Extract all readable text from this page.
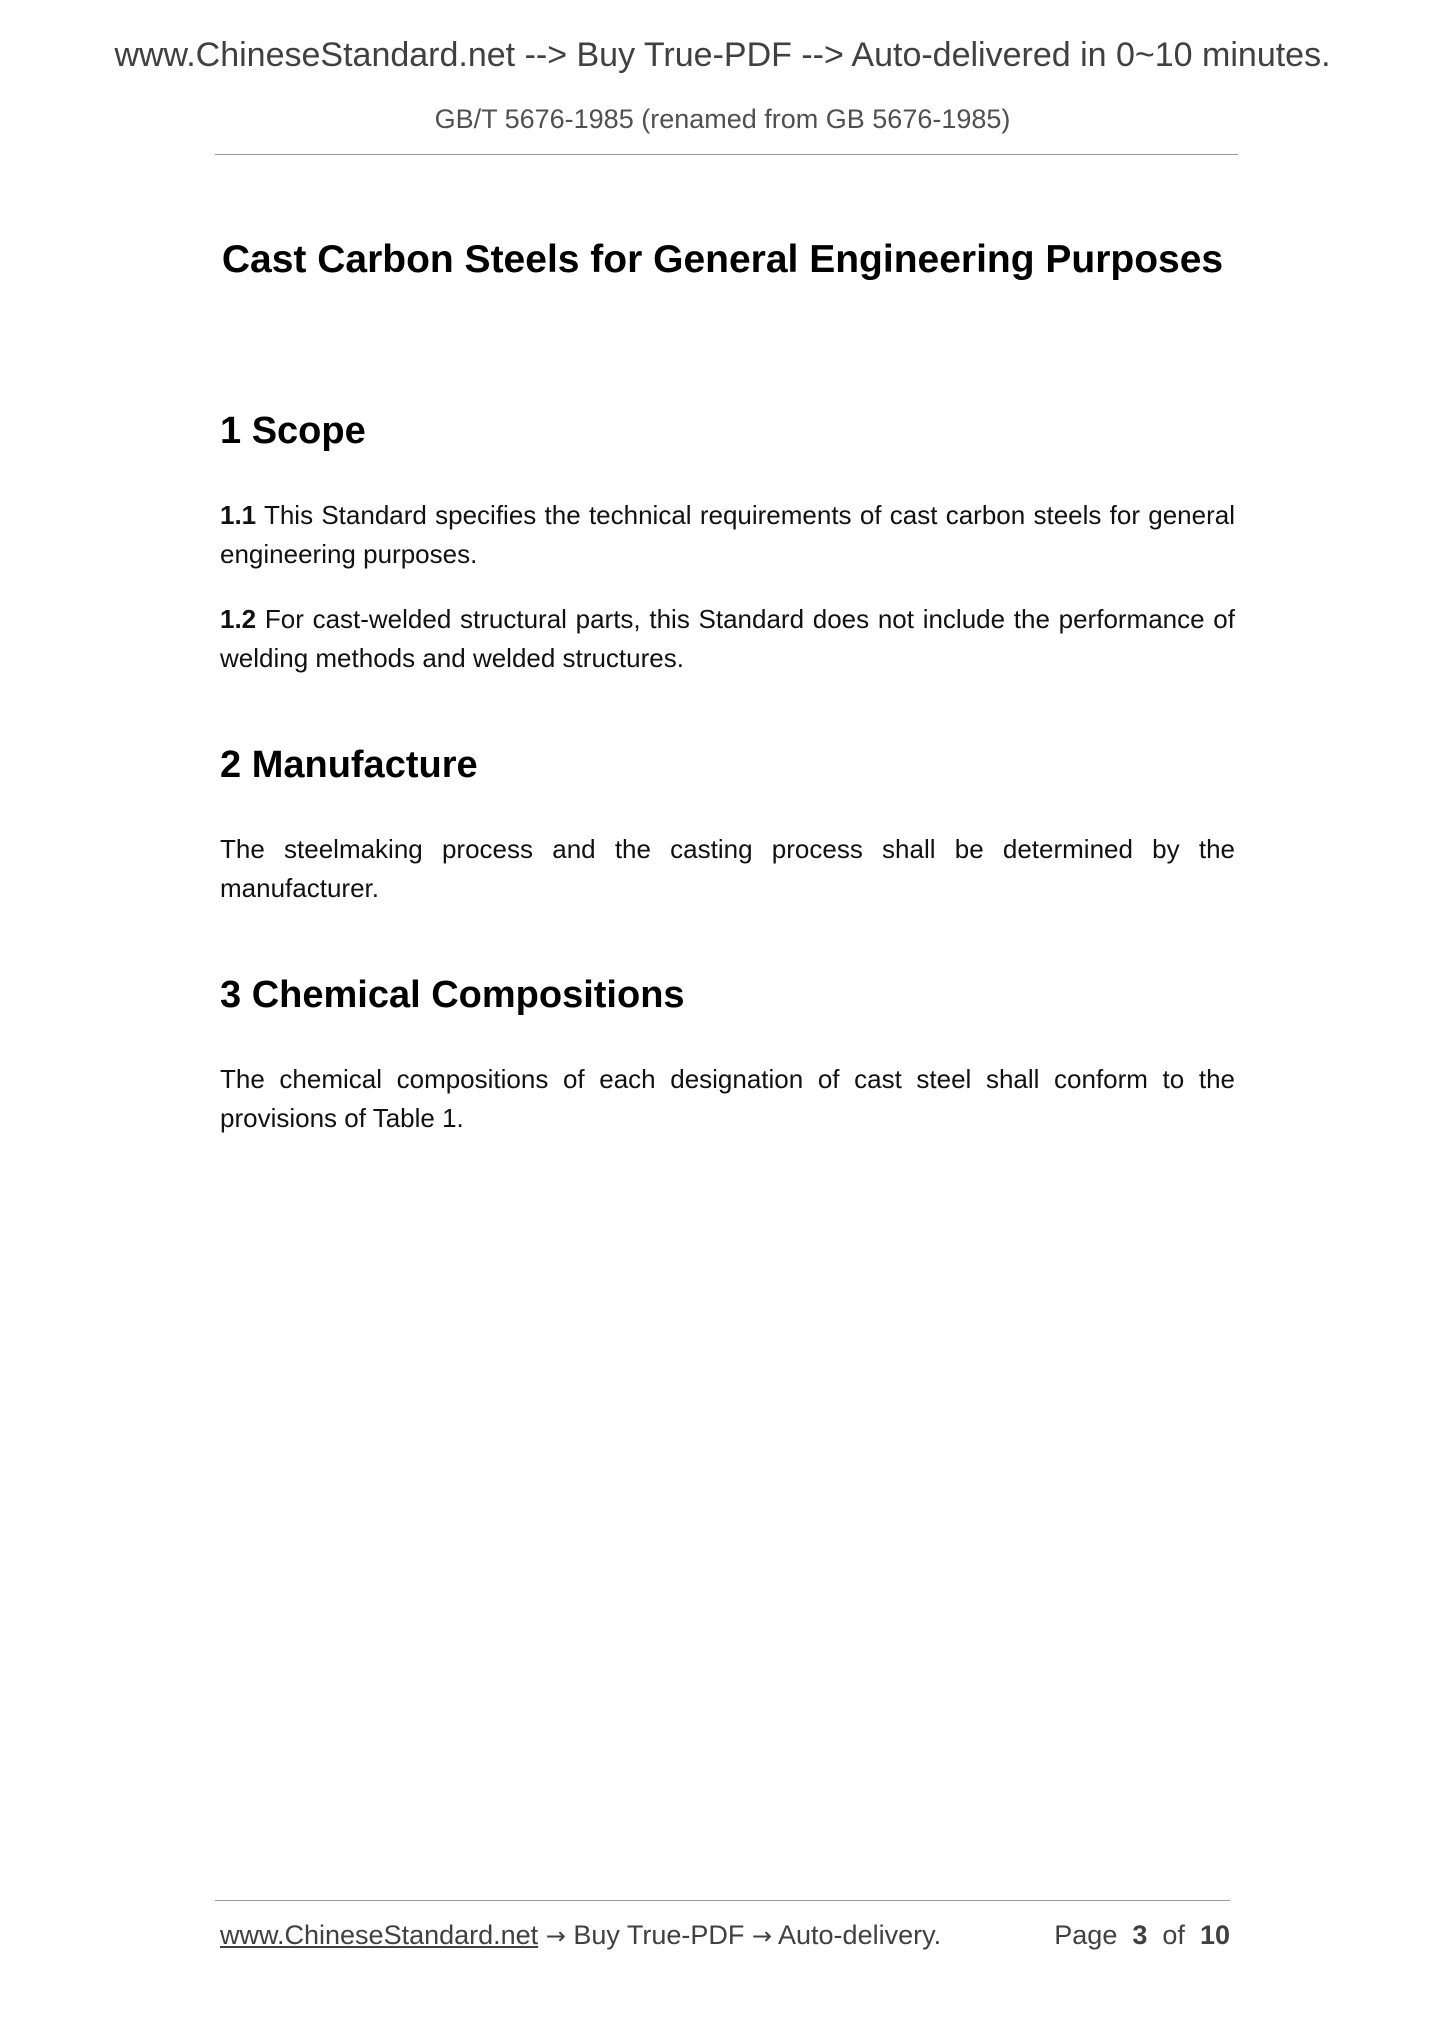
www.ChineseStandard.net --> Buy True-PDF --> Auto-delivered in 0~10 minutes.
GB/T 5676-1985 (renamed from GB 5676-1985)
Cast Carbon Steels for General Engineering Purposes
1 Scope

1.1 This Standard specifies the technical requirements of cast carbon steels for general engineering purposes.

1.2 For cast-welded structural parts, this Standard does not include the performance of welding methods and welded structures.

2 Manufacture

The steelmaking process and the casting process shall be determined by the manufacturer.

3 Chemical Compositions

The chemical compositions of each designation of cast steel shall conform to the provisions of Table 1.

www.ChineseStandard.net → Buy True-PDF → Auto-delivery.	Page 3 of 10
